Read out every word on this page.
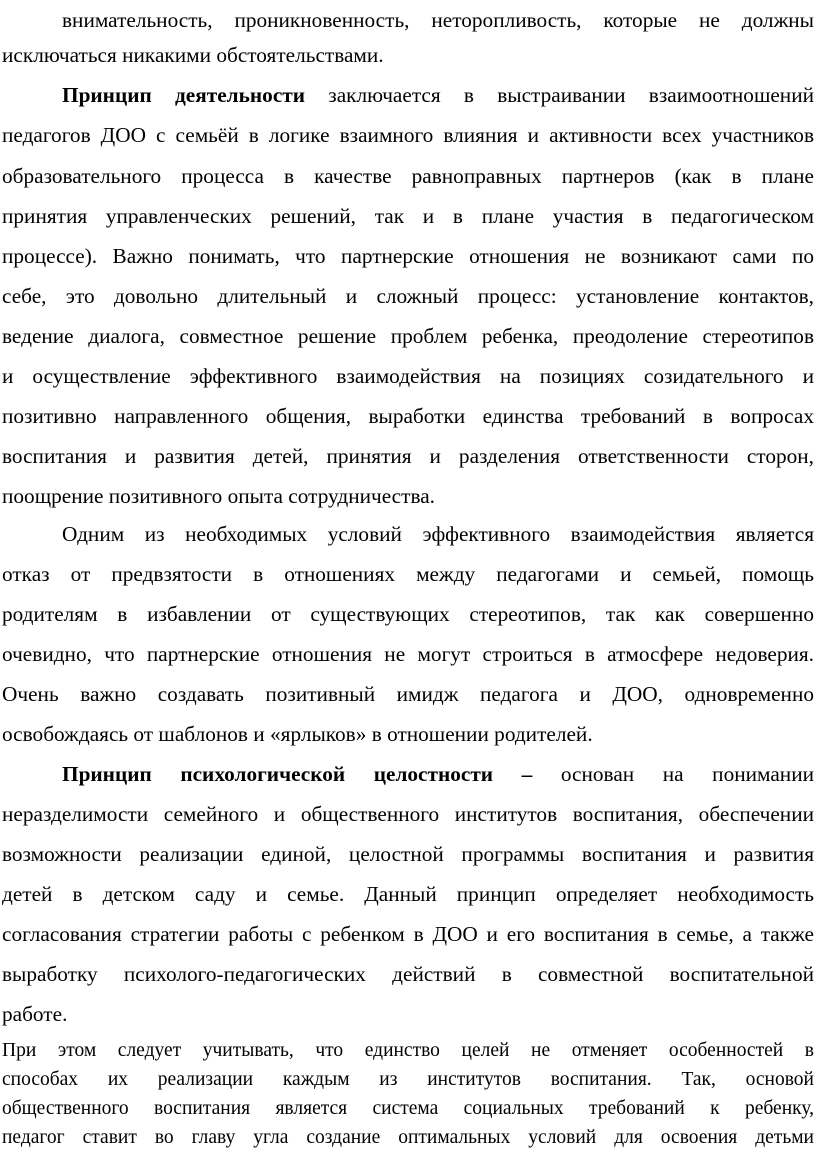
внимательность, проникновенность, неторопливость, которые не должны
исключаться никакими обстоятельствами.
Принцип деятельности заключается в выстраивании взаимоотношений
педагогов ДОО с семьёй в логике взаимного влияния и активности всех участников
образовательного процесса в качестве равноправных партнеров (как в плане
принятия управленческих решений, так и в плане участия в педагогическом
процессе). Важно понимать, что партнерские отношения не возникают сами по
себе, это довольно длительный и сложный процесс: установление контактов,
ведение диалога, совместное решение проблем ребенка, преодоление стереотипов
и осуществление эффективного взаимодействия на позициях созидательного и
позитивно направленного общения, выработки единства требований в вопросах
воспитания и развития детей, принятия и разделения ответственности сторон,
поощрение позитивного опыта сотрудничества.
Одним из необходимых условий эффективного взаимодействия является
отказ от предвзятости в отношениях между педагогами и семьей, помощь
родителям в избавлении от существующих стереотипов, так как совершенно
очевидно, что партнерские отношения не могут строиться в атмосфере недоверия.
Очень важно создавать позитивный имидж педагога и ДОО, одновременно
освобождаясь от шаблонов и «ярлыков» в отношении родителей.
Принцип психологической целостности – основан на понимании
неразделимости семейного и общественного институтов воспитания, обеспечении
возможности реализации единой, целостной программы воспитания и развития
детей в детском саду и семье. Данный принцип определяет необходимость
согласования стратегии работы с ребенком в ДОО и его воспитания в семье, а также
выработку психолого-педагогических действий в совместной воспитательной
работе.
При этом следует учитывать, что единство целей не отменяет особенностей в
способах их реализации каждым из институтов воспитания. Так, основой
общественного воспитания является система социальных требований к ребенку,
педагог ставит во главу угла создание оптимальных условий для освоения детьми
